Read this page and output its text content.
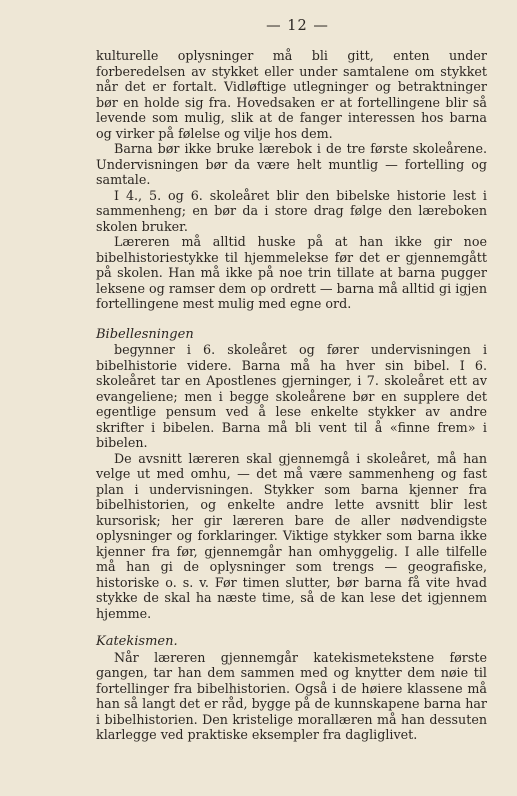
— 12 —

kulturelle oplysninger må bli gitt, enten under forberedelsen av stykket eller under samtalene om stykket når det er fortalt. Vidløftige utlegninger og betraktninger bør en holde sig fra. Hovedsaken er at fortellingene blir så levende som mulig, slik at de fanger interessen hos barna og virker på følelse og vilje hos dem.

Barna bør ikke bruke lærebok i de tre første skoleårene. Undervisningen bør da være helt muntlig — fortelling og samtale.

I 4., 5. og 6. skoleåret blir den bibelske historie lest i sammenheng; en bør da i store drag følge den læreboken skolen bruker.

Læreren må alltid huske på at han ikke gir noe bibelhistoriestykke til hjemmelekse før det er gjennemgått på skolen. Han må ikke på noe trin tillate at barna pugger leksene og ramser dem op ordrett — barna må alltid gi igjen fortellingene mest mulig med egne ord.

Bibellesningen

begynner i 6. skoleåret og fører undervisningen i bibelhistorie videre. Barna må ha hver sin bibel. I 6. skoleåret tar en Apostlenes gjerninger, i 7. skoleåret ett av evangeliene; men i begge skoleårene bør en supplere det egentlige pensum ved å lese enkelte stykker av andre skrifter i bibelen. Barna må bli vent til å «finne frem» i bibelen.

De avsnitt læreren skal gjennemgå i skoleåret, må han velge ut med omhu, — det må være sammenheng og fast plan i undervisningen. Stykker som barna kjenner fra bibelhistorien, og enkelte andre lette avsnitt blir lest kursorisk; her gir læreren bare de aller nødvendigste oplysninger og forklaringer. Viktige stykker som barna ikke kjenner fra før, gjennemgår han omhyggelig. I alle tilfelle må han gi de oplysninger som trengs — geografiske, historiske o. s. v. Før timen slutter, bør barna få vite hvad stykke de skal ha næste time, så de kan lese det igjennem hjemme.

Katekismen.

Når læreren gjennemgår katekismetekstene første gangen, tar han dem sammen med og knytter dem nøie til fortellinger fra bibelhistorien. Også i de høiere klassene må han så langt det er råd, bygge på de kunnskapene barna har i bibelhistorien. Den kristelige morallæren må han dessuten klarlegge ved praktiske eksempler fra dagliglivet.
